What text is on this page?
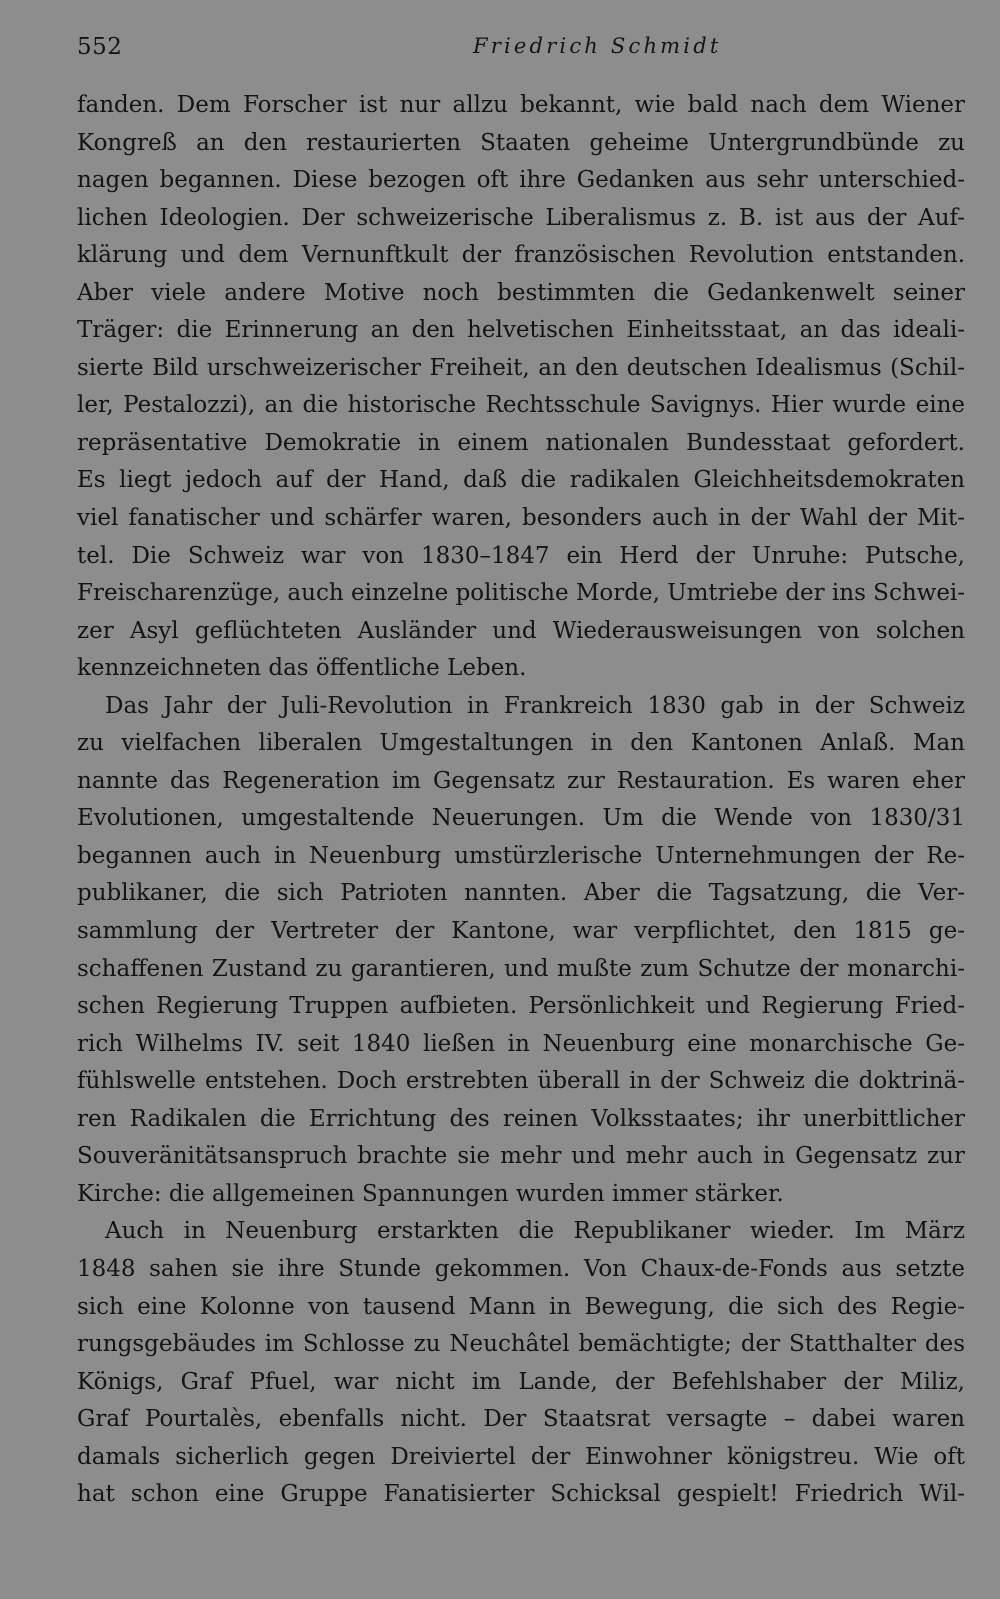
552	Friedrich Schmidt
fanden. Dem Forscher ist nur allzu bekannt, wie bald nach dem Wiener
Kongreß an den restaurierten Staaten geheime Untergrundbünde zu
nagen begannen. Diese bezogen oft ihre Gedanken aus sehr unterschied-
lichen Ideologien. Der schweizerische Liberalismus z. B. ist aus der Auf-
klärung und dem Vernunftkult der französischen Revolution entstanden.
Aber viele andere Motive noch bestimmten die Gedankenwelt seiner
Träger: die Erinnerung an den helvetischen Einheitsstaat, an das ideali-
sierte Bild urschweizerischer Freiheit, an den deutschen Idealismus (Schil-
ler, Pestalozzi), an die historische Rechtsschule Savignys. Hier wurde eine
repräsentative Demokratie in einem nationalen Bundesstaat gefordert.
Es liegt jedoch auf der Hand, daß die radikalen Gleichheitsdemokraten
viel fanatischer und schärfer waren, besonders auch in der Wahl der Mit-
tel. Die Schweiz war von 1830–1847 ein Herd der Unruhe: Putsche,
Freischarenzüge, auch einzelne politische Morde, Umtriebe der ins Schwei-
zer Asyl geflüchteten Ausländer und Wiederausweisungen von solchen
kennzeichneten das öffentliche Leben.
Das Jahr der Juli-Revolution in Frankreich 1830 gab in der Schweiz
zu vielfachen liberalen Umgestaltungen in den Kantonen Anlaß. Man
nannte das Regeneration im Gegensatz zur Restauration. Es waren eher
Evolutionen, umgestaltende Neuerungen. Um die Wende von 1830/31
begannen auch in Neuenburg umstürzlerische Unternehmungen der Re-
publikaner, die sich Patrioten nannten. Aber die Tagsatzung, die Ver-
sammlung der Vertreter der Kantone, war verpflichtet, den 1815 ge-
schaffenen Zustand zu garantieren, und mußte zum Schutze der monarchi-
schen Regierung Truppen aufbieten. Persönlichkeit und Regierung Fried-
rich Wilhelms IV. seit 1840 ließen in Neuenburg eine monarchische Ge-
fühlswelle entstehen. Doch erstrebten überall in der Schweiz die doktrinä-
ren Radikalen die Errichtung des reinen Volksstaates; ihr unerbittlicher
Souveränitätsanspruch brachte sie mehr und mehr auch in Gegensatz zur
Kirche: die allgemeinen Spannungen wurden immer stärker.
Auch in Neuenburg erstarkten die Republikaner wieder. Im März
1848 sahen sie ihre Stunde gekommen. Von Chaux-de-Fonds aus setzte
sich eine Kolonne von tausend Mann in Bewegung, die sich des Regie-
rungsgebäudes im Schlosse zu Neuchâtel bemächtigte; der Statthalter des
Königs, Graf Pfuel, war nicht im Lande, der Befehlshaber der Miliz,
Graf Pourtalès, ebenfalls nicht. Der Staatsrat versagte – dabei waren
damals sicherlich gegen Dreiviertel der Einwohner königstreu. Wie oft
hat schon eine Gruppe Fanatisierter Schicksal gespielt! Friedrich Wil-
